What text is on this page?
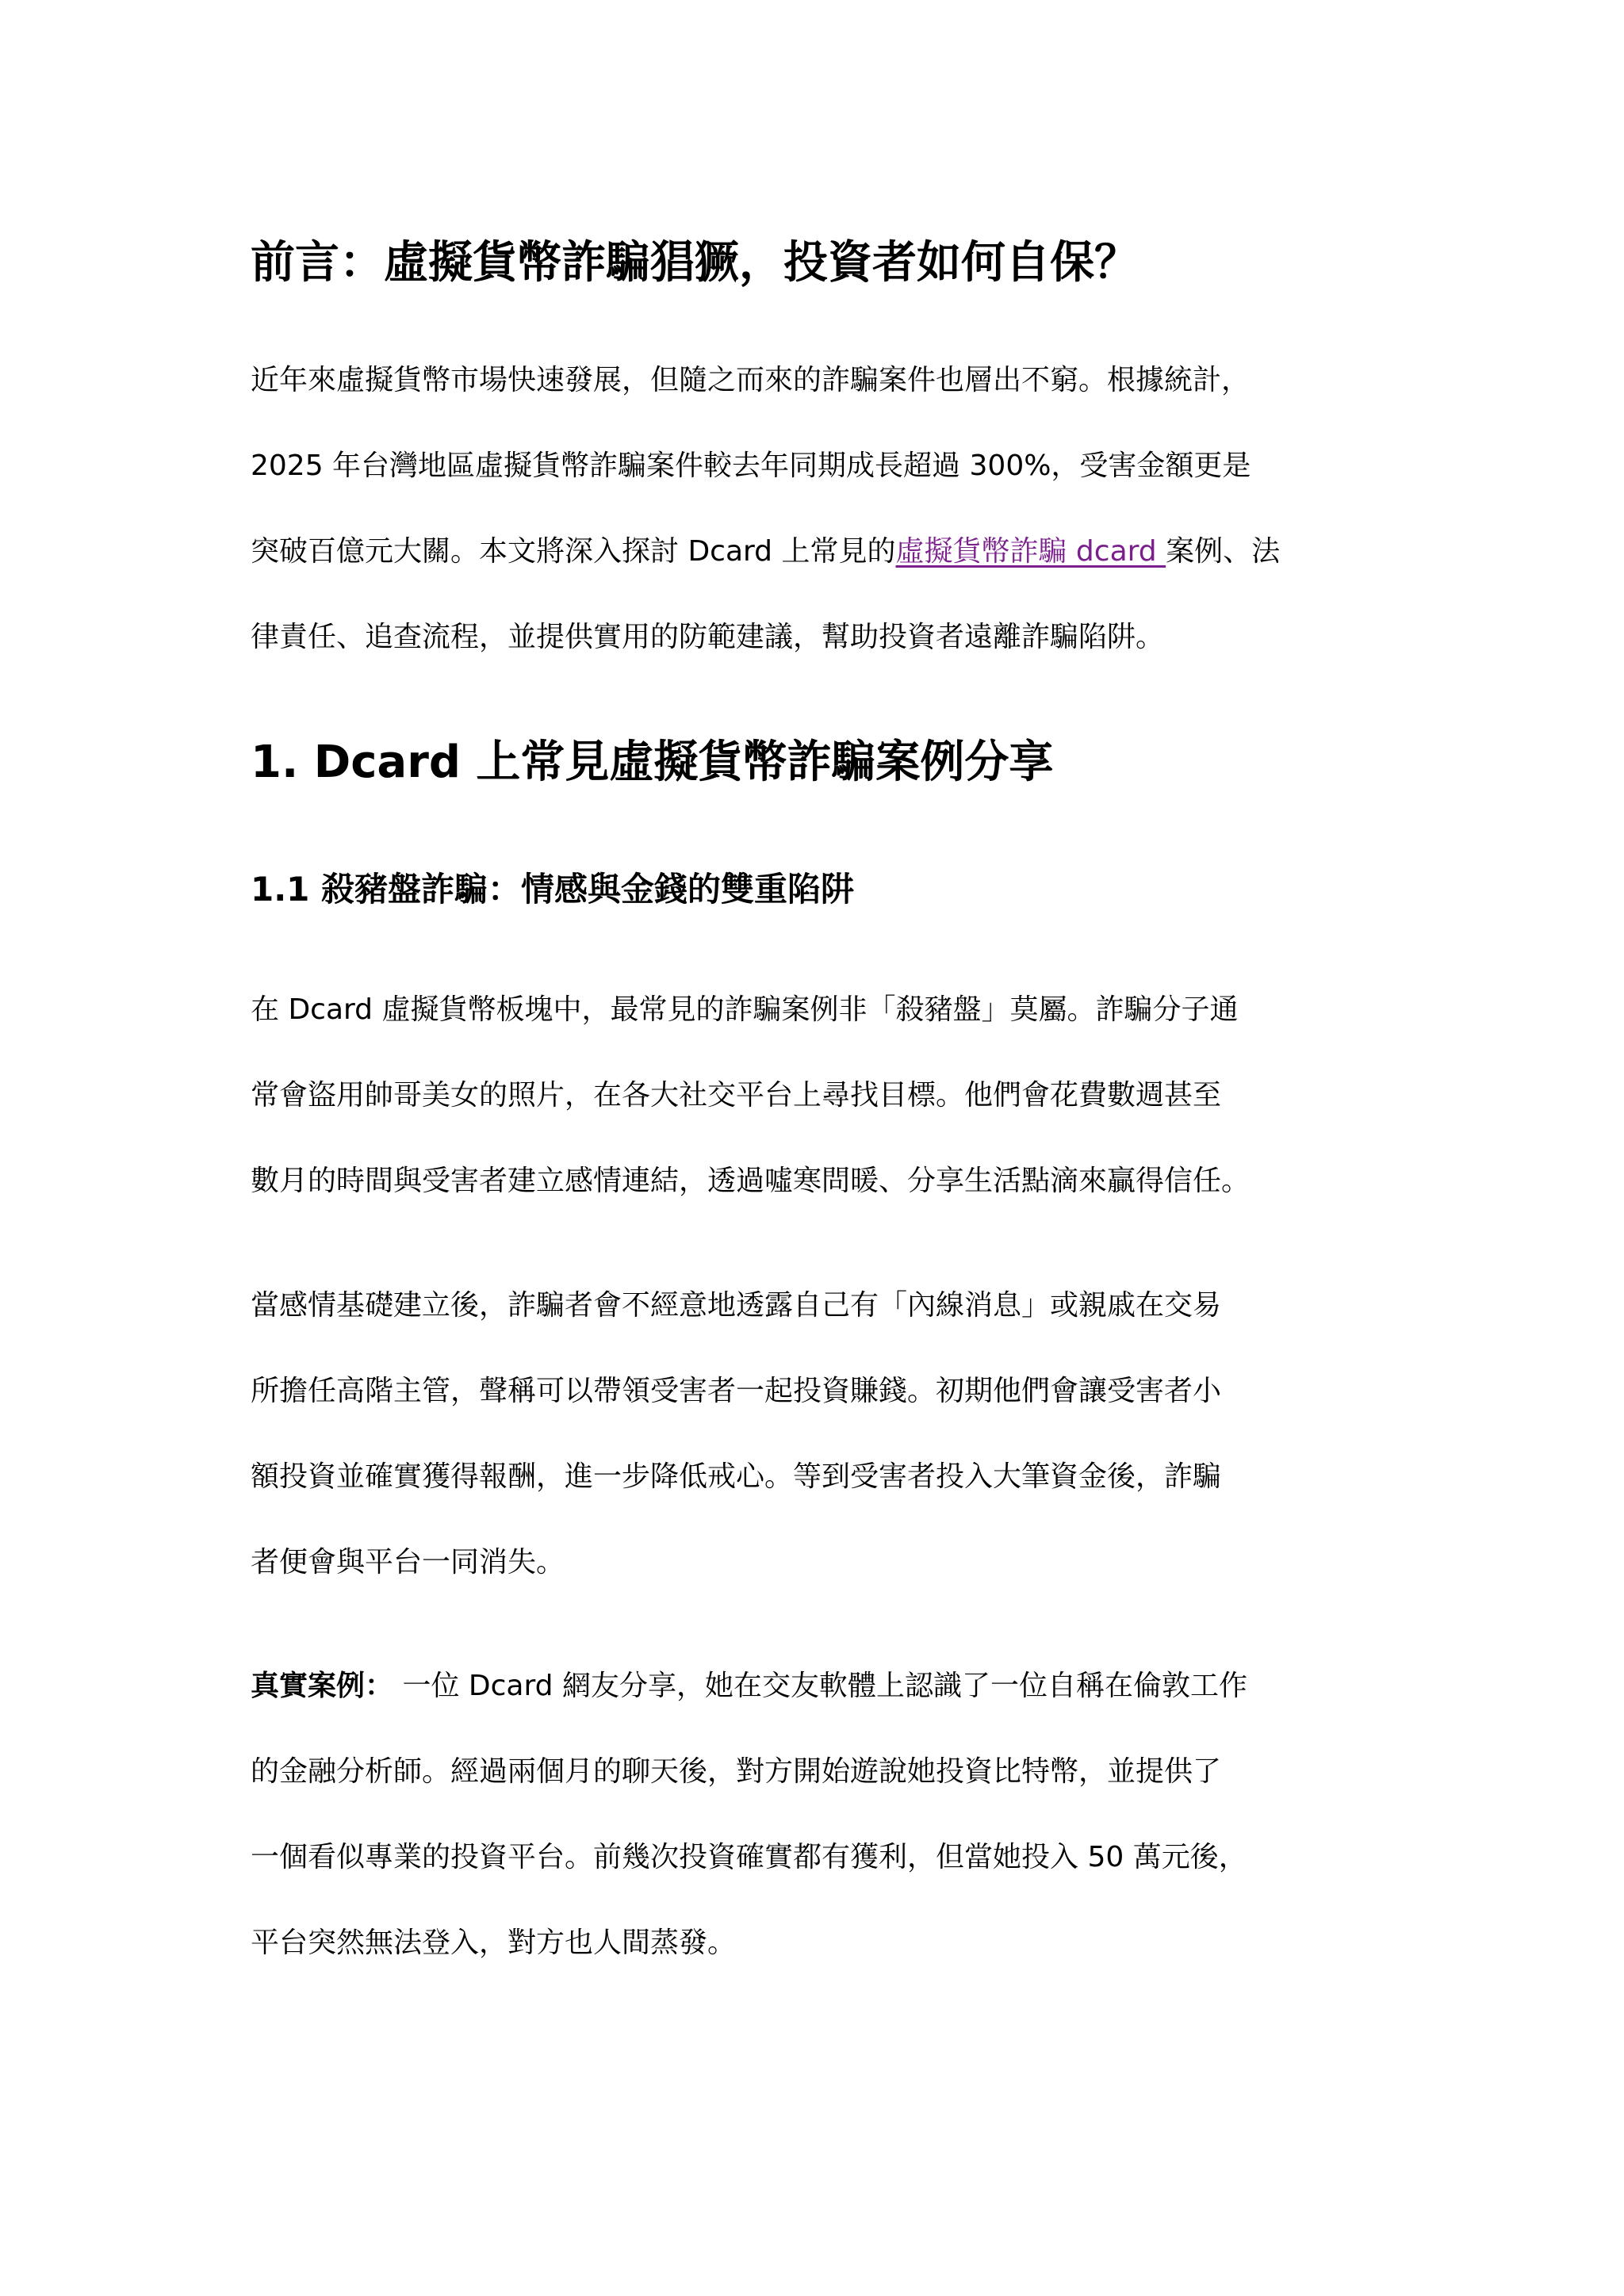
前言：虛擬貨幣詐騙猖獗，投資者如何自保？

近年來虛擬貨幣市場快速發展，但隨之而來的詐騙案件也層出不窮。根據統計，

2025 年台灣地區虛擬貨幣詐騙案件較去年同期成長超過 300%，受害金額更是

突破百億元大關。本文將深入探討 Dcard 上常見的虛擬貨幣詐騙 dcard 案例、法

律責任、追查流程，並提供實用的防範建議，幫助投資者遠離詐騙陷阱。

1. Dcard 上常見虛擬貨幣詐騙案例分享
1.1 殺豬盤詐騙：情感與金錢的雙重陷阱

在 Dcard 虛擬貨幣板塊中，最常見的詐騙案例非「殺豬盤」莫屬。詐騙分子通

常會盜用帥哥美女的照片，在各大社交平台上尋找目標。他們會花費數週甚至

數月的時間與受害者建立感情連結，透過噓寒問暖、分享生活點滴來贏得信任。

當感情基礎建立後，詐騙者會不經意地透露自己有「內線消息」或親戚在交易

所擔任高階主管，聲稱可以帶領受害者一起投資賺錢。初期他們會讓受害者小

額投資並確實獲得報酬，進一步降低戒心。等到受害者投入大筆資金後，詐騙

者便會與平台一同消失。

真實案例： 一位 Dcard 網友分享，她在交友軟體上認識了一位自稱在倫敦工作

的金融分析師。經過兩個月的聊天後，對方開始遊說她投資比特幣，並提供了

一個看似專業的投資平台。前幾次投資確實都有獲利，但當她投入 50 萬元後，

平台突然無法登入，對方也人間蒸發。
